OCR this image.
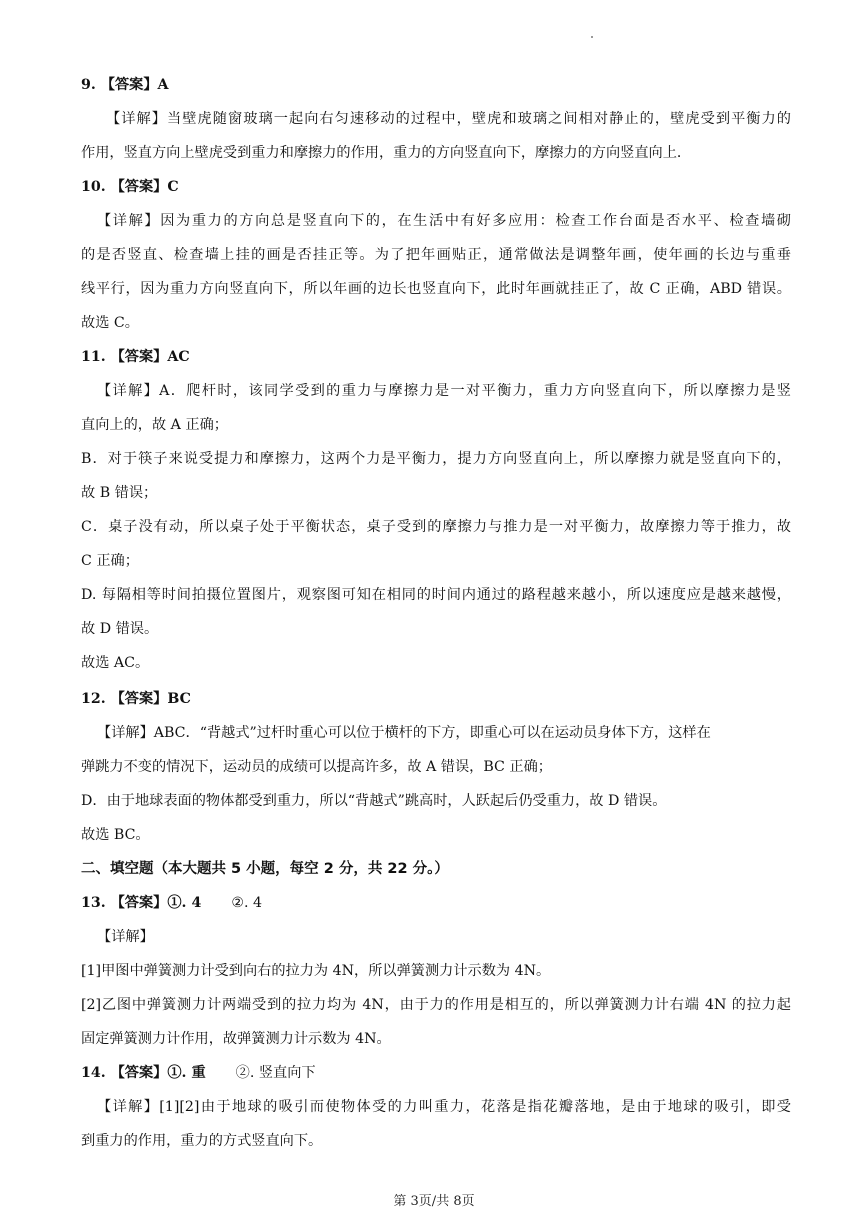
9. 【答案】A

【详解】当壁虎随窗玻璃一起向右匀速移动的过程中，壁虎和玻璃之间相对静止的，壁虎受到平衡力的

作用，竖直方向上壁虎受到重力和摩擦力的作用，重力的方向竖直向下，摩擦力的方向竖直向上．

10. 【答案】C

【详解】因为重力的方向总是竖直向下的，在生活中有好多应用：检查工作台面是否水平、检查墙砌

的是否竖直、检查墙上挂的画是否挂正等。为了把年画贴正，通常做法是调整年画，使年画的长边与重垂

线平行，因为重力方向竖直向下，所以年画的边长也竖直向下，此时年画就挂正了，故 C 正确，ABD 错误。

故选 C。

11. 【答案】AC

【详解】A．爬杆时，该同学受到的重力与摩擦力是一对平衡力，重力方向竖直向下，所以摩擦力是竖

直向上的，故 A 正确；

B．对于筷子来说受提力和摩擦力，这两个力是平衡力，提力方向竖直向上，所以摩擦力就是竖直向下的，

故 B 错误；

C．桌子没有动，所以桌子处于平衡状态，桌子受到的摩擦力与推力是一对平衡力，故摩擦力等于推力，故

C 正确；

D. 每隔相等时间拍摄位置图片，观察图可知在相同的时间内通过的路程越来越小，所以速度应是越来越慢，

故 D 错误。

故选 AC。

12. 【答案】BC

【详解】ABC．“背越式”过杆时重心可以位于横杆的下方，即重心可以在运动员身体下方，这样在

弹跳力不变的情况下，运动员的成绩可以提高许多，故 A 错误，BC 正确；

D．由于地球表面的物体都受到重力，所以“背越式”跳高时，人跃起后仍受重力，故 D 错误。

故选 BC。

二、填空题（本大题共 5 小题，每空 2 分，共 22 分。）

13. 【答案】①. 4 ②. 4

【详解】

[1]甲图中弹簧测力计受到向右的拉力为 4N，所以弹簧测力计示数为 4N。

[2]乙图中弹簧测力计两端受到的拉力均为 4N，由于力的作用是相互的，所以弹簧测力计右端 4N 的拉力起

固定弹簧测力计作用，故弹簧测力计示数为 4N。

14. 【答案】①. 重 ②. 竖直向下

【详解】[1][2]由于地球的吸引而使物体受的力叫重力，花落是指花瓣落地，是由于地球的吸引，即受

到重力的作用，重力的方式竖直向下。

第 3页/共 8页
